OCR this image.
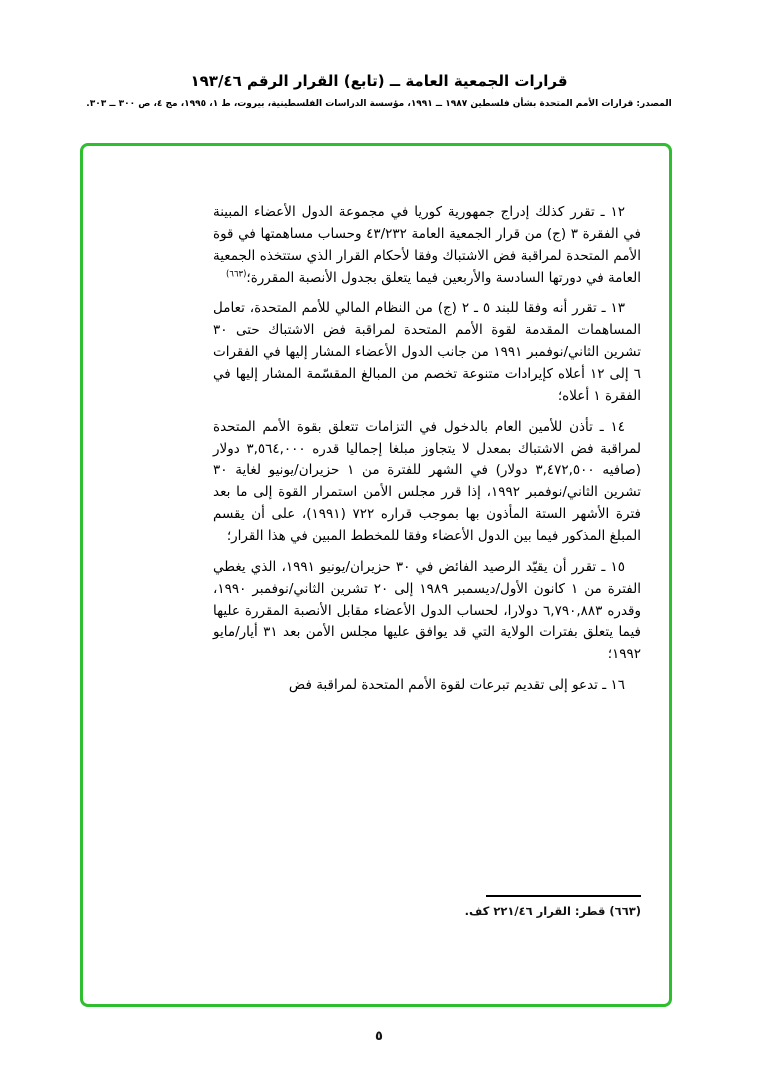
قرارات الجمعية العامة ــ (تابع) القرار الرقم ١٩٣/٤٦
المصدر: قرارات الأمم المتحدة بشأن فلسطين ١٩٨٧ ــ ١٩٩١، مؤسسة الدراسات الفلسطينية، بيروت، ط ١، ١٩٩٥، مج ٤، ص ٣٠٠ ــ ٣٠٣.

١٢ ـ تقرر كذلك إدراج جمهورية كوريا في مجموعة الدول الأعضاء المبينة في الفقرة ٣ (ج) من قرار الجمعية العامة ٤٣/٢٣٢ وحساب مساهمتها في قوة الأمم المتحدة لمراقبة فض الاشتباك وفقا لأحكام القرار الذي ستتخذه الجمعية العامة في دورتها السادسة والأربعين فيما يتعلق بجدول الأنصبة المقررة؛$^{(٦٦٣)}$

١٣ ـ تقرر أنه وفقا للبند ٥ ـ ٢ (ج) من النظام المالي للأمم المتحدة، تعامل المساهمات المقدمة لقوة الأمم المتحدة لمراقبة فض الاشتباك حتى ٣٠ تشرين الثاني/نوفمبر ١٩٩١ من جانب الدول الأعضاء المشار إليها في الفقرات ٦ إلى ١٢ أعلاه كإيرادات متنوعة تخصم من المبالغ المقسّمة المشار إليها في الفقرة ١ أعلاه؛

١٤ ـ تأذن للأمين العام بالدخول في التزامات تتعلق بقوة الأمم المتحدة لمراقبة فض الاشتباك بمعدل لا يتجاوز مبلغا إجماليا قدره ٣,٥٦٤,٠٠٠ دولار (صافيه ٣,٤٧٢,٥٠٠ دولار) في الشهر للفترة من ١ حزيران/يونيو لغاية ٣٠ تشرين الثاني/نوفمبر ١٩٩٢، إذا قرر مجلس الأمن استمرار القوة إلى ما بعد فترة الأشهر الستة المأذون بها بموجب قراره ٧٢٢ (١٩٩١)، على أن يقسم المبلغ المذكور فيما بين الدول الأعضاء وفقا للمخطط المبين في هذا القرار؛

١٥ ـ تقرر أن يقيّد الرصيد الفائض في ٣٠ حزيران/يونيو ١٩٩١، الذي يغطي الفترة من ١ كانون الأول/ديسمبر ١٩٨٩ إلى ٢٠ تشرين الثاني/نوفمبر ١٩٩٠، وقدره ٦,٧٩٠,٨٨٣ دولارا، لحساب الدول الأعضاء مقابل الأنصبة المقررة عليها فيما يتعلق بفترات الولاية التي قد يوافق عليها مجلس الأمن بعد ٣١ أيار/مايو ١٩٩٢؛

١٦ ـ تدعو إلى تقديم تبرعات لقوة الأمم المتحدة لمراقبة فض

(٦٦٣) قطر: القرار ٢٢١/٤٦ كف.
٥
